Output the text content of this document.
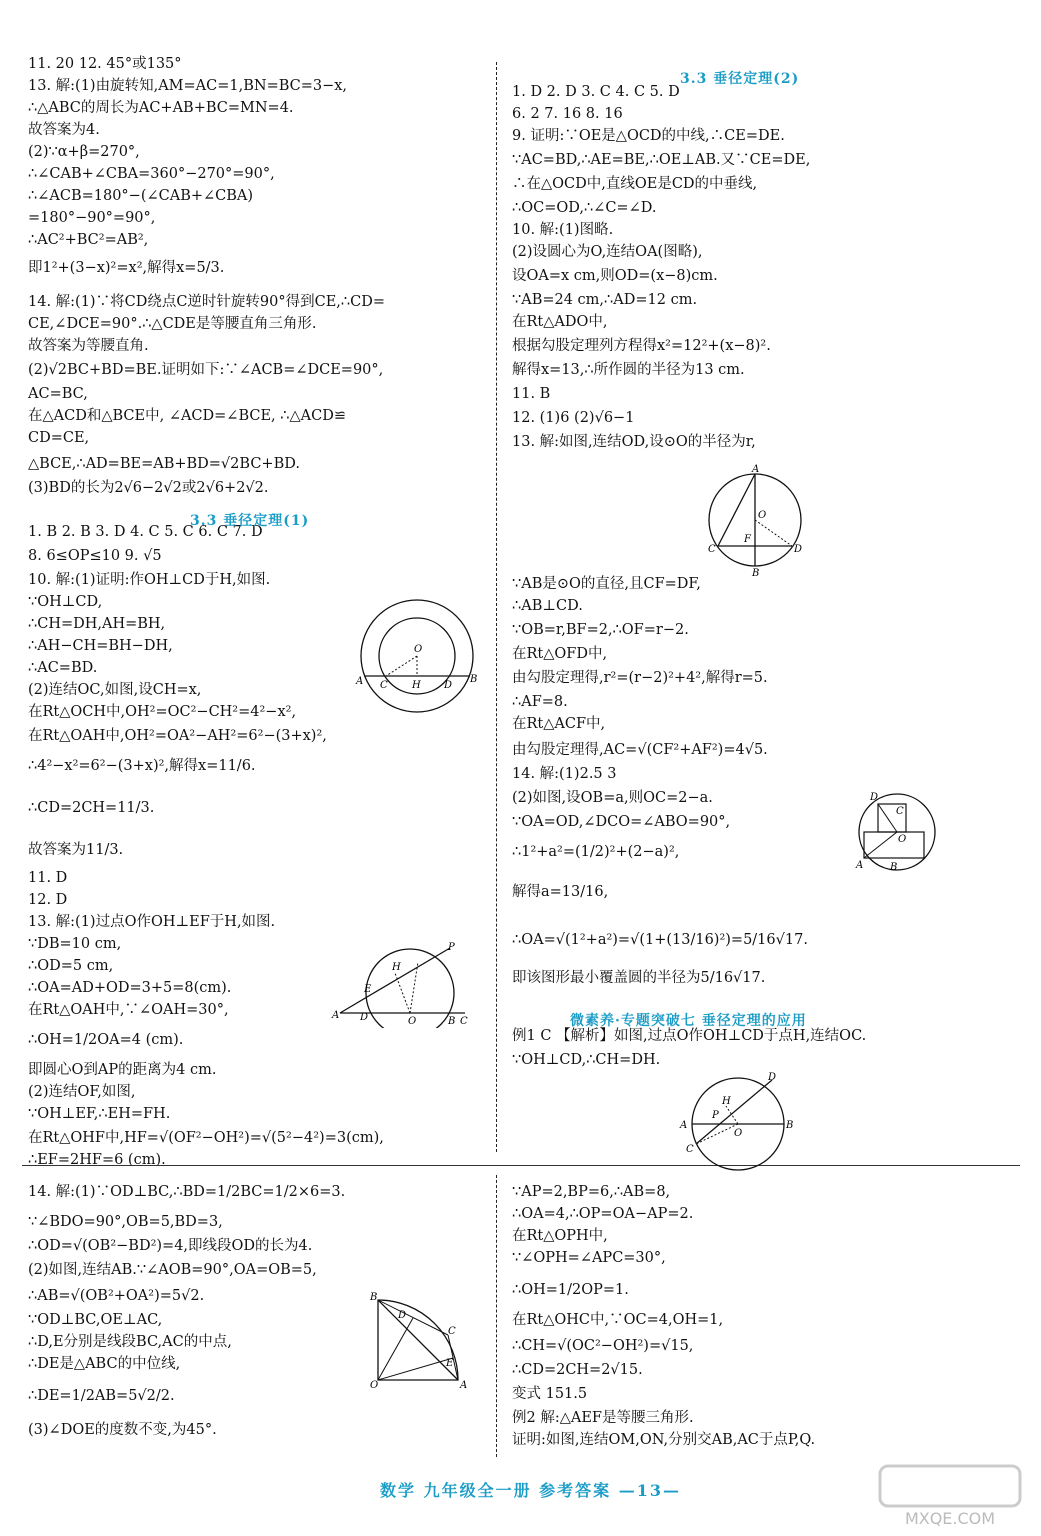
11. 20 12. 45°或135°
13. 解:(1)由旋转知,AM=AC=1,BN=BC=3−x,
∴△ABC的周长为AC+AB+BC=MN=4.
故答案为4.
(2)∵α+β=270°,
∴∠CAB+∠CBA=360°−270°=90°,
∴∠ACB=180°−(∠CAB+∠CBA)
=180°−90°=90°,
∴AC²+BC²=AB²,
即1²+(3−x)²=x²,解得x=5/3.
14. 解:(1)∵将CD绕点C逆时针旋转90°得到CE,∴CD=
CE,∠DCE=90°.∴△CDE是等腰直角三角形.
故答案为等腰直角.
(2)√2BC+BD=BE.证明如下:∵∠ACB=∠DCE=90°,
AC=BC,
在△ACD和△BCE中, ∠ACD=∠BCE, ∴△ACD≌
CD=CE,
△BCE,∴AD=BE=AB+BD=√2BC+BD.
(3)BD的长为2√6−2√2或2√6+2√2.
1. B 2. B 3. D 4. C 5. C 6. C 7. D
8. 6≤OP≤10 9. √5
10. 解:(1)证明:作OH⊥CD于H,如图.
∵OH⊥CD,
∴CH=DH,AH=BH,
∴AH−CH=BH−DH,
∴AC=BD.
(2)连结OC,如图,设CH=x,
在Rt△OCH中,OH²=OC²−CH²=4²−x²,
在Rt△OAH中,OH²=OA²−AH²=6²−(3+x)²,
∴4²−x²=6²−(3+x)²,解得x=11/6.
∴CD=2CH=11/3.
故答案为11/3.
11. D
12. D
13. 解:(1)过点O作OH⊥EF于H,如图.
∵DB=10 cm,
∴OD=5 cm,
∴OA=AD+OD=3+5=8(cm).
在Rt△OAH中,∵∠OAH=30°,
∴OH=1/2OA=4 (cm).
即圆心O到AP的距离为4 cm.
(2)连结OF,如图,
∵OH⊥EF,∴EH=FH.
在Rt△OHF中,HF=√(OF²−OH²)=√(5²−4²)=3(cm),
∴EF=2HF=6 (cm).
14. 解:(1)∵OD⊥BC,∴BD=1/2BC=1/2×6=3.
∵∠BDO=90°,OB=5,BD=3,
∴OD=√(OB²−BD²)=4,即线段OD的长为4.
(2)如图,连结AB.∵∠AOB=90°,OA=OB=5,
∴AB=√(OB²+OA²)=5√2.
∵OD⊥BC,OE⊥AC,
∴D,E分别是线段BC,AC的中点,
∴DE是△ABC的中位线,
∴DE=1/2AB=5√2/2.
(3)∠DOE的度数不变,为45°.
1. D 2. D 3. C 4. C 5. D
6. 2 7. 16 8. 16
9. 证明:∵OE是△OCD的中线,∴CE=DE.
∵AC=BD,∴AE=BE,∴OE⊥AB.又∵CE=DE,
∴在△OCD中,直线OE是CD的中垂线,
∴OC=OD,∴∠C=∠D.
10. 解:(1)图略.
(2)设圆心为O,连结OA(图略),
设OA=x cm,则OD=(x−8)cm.
∵AB=24 cm,∴AD=12 cm.
在Rt△ADO中,
根据勾股定理列方程得x²=12²+(x−8)².
解得x=13,∴所作圆的半径为13 cm.
11. B
12. (1)6 (2)√6−1
13. 解:如图,连结OD,设⊙O的半径为r,
∵AB是⊙O的直径,且CF=DF,
∴AB⊥CD.
∵OB=r,BF=2,∴OF=r−2.
在Rt△OFD中,
由勾股定理得,r²=(r−2)²+4²,解得r=5.
∴AF=8.
在Rt△ACF中,
由勾股定理得,AC=√(CF²+AF²)=4√5.
14. 解:(1)2.5 3
(2)如图,设OB=a,则OC=2−a.
∵OA=OD,∠DCO=∠ABO=90°,
∴1²+a²=(1/2)²+(2−a)²,
解得a=13/16,
∴OA=√(1²+a²)=√(1+(13/16)²)=5/16√17.
即该图形最小覆盖圆的半径为5/16√17.
例1 C 【解析】如图,过点O作OH⊥CD于点H,连结OC.
∵OH⊥CD,∴CH=DH.
∵AP=2,BP=6,∴AB=8,
∴OA=4,∴OP=OA−AP=2.
在Rt△OPH中,
∵∠OPH=∠APC=30°,
∴OH=1/2OP=1.
在Rt△OHC中,∵OC=4,OH=1,
∴CH=√(OC²−OH²)=√15,
∴CD=2CH=2√15.
变式 151.5
例2 解:△AEF是等腰三角形.
证明:如图,连结OM,ON,分别交AB,AC于点P,Q.
3.3 垂径定理(1)
3.3 垂径定理(2)
微素养·专题突破七 垂径定理的应用
O
A C H D
B
A D	O	B C
E
H
P
B
D
C
O	A
E
A
O
F
C	D
B
D
C
O
A	B
D
H
P
A	B
O
C
数学 九年级全一册 参考答案 —13—
MXQE.COM
